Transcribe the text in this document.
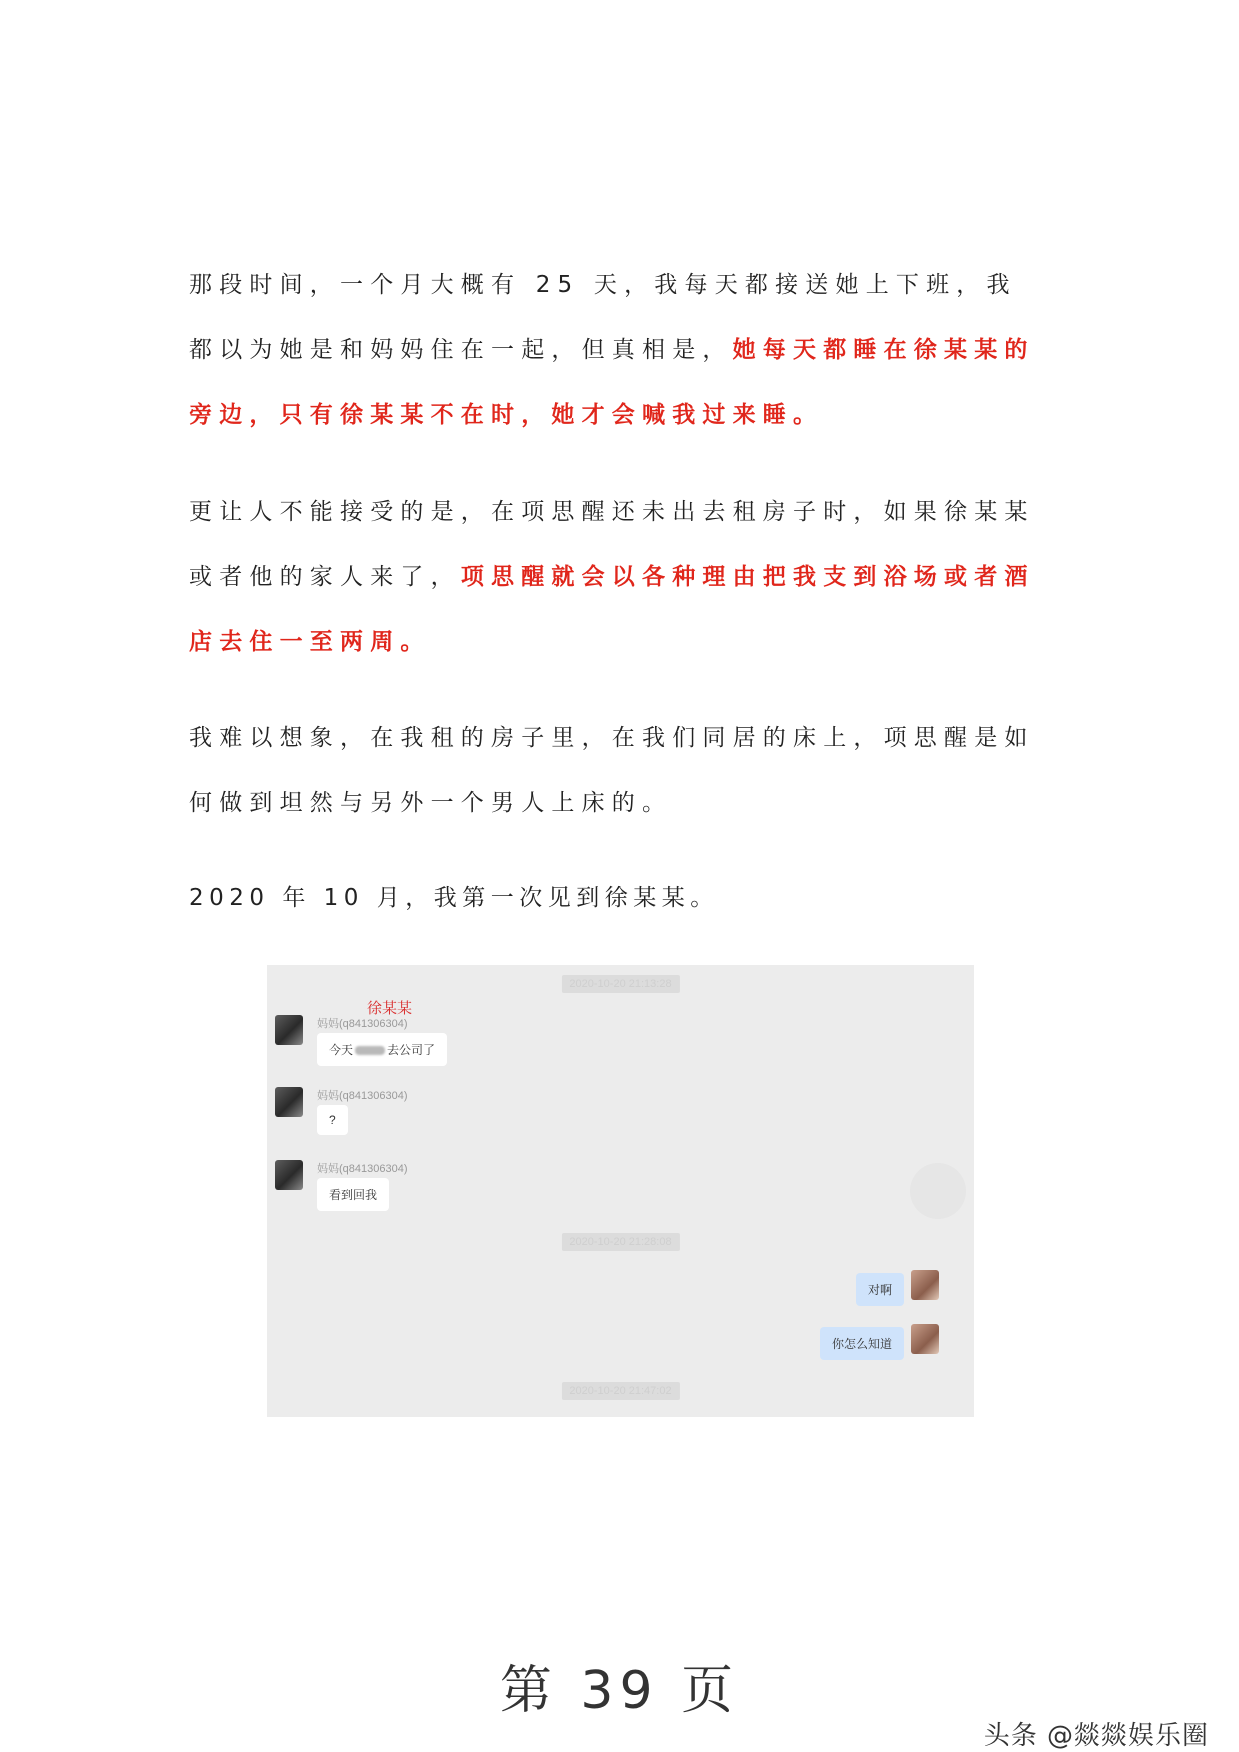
那段时间，一个月大概有 25 天，我每天都接送她上下班，我都以为她是和妈妈住在一起，但真相是，她每天都睡在徐某某的旁边，只有徐某某不在时，她才会喊我过来睡。

更让人不能接受的是，在项思醒还未出去租房子时，如果徐某某或者他的家人来了，项思醒就会以各种理由把我支到浴场或者酒店去住一至两周。

我难以想象，在我租的房子里，在我们同居的床上，项思醒是如何做到坦然与另外一个男人上床的。

2020 年 10 月，我第一次见到徐某某。

2020-10-20 21:13:28
徐某某
妈妈(q841306304)
今天	去公司了
妈妈(q841306304)
?
妈妈(q841306304)
看到回我
2020-10-20 21:28:08
对啊
你怎么知道
2020-10-20 21:47:02
第 39 页
头条 @燚燚娱乐圈
